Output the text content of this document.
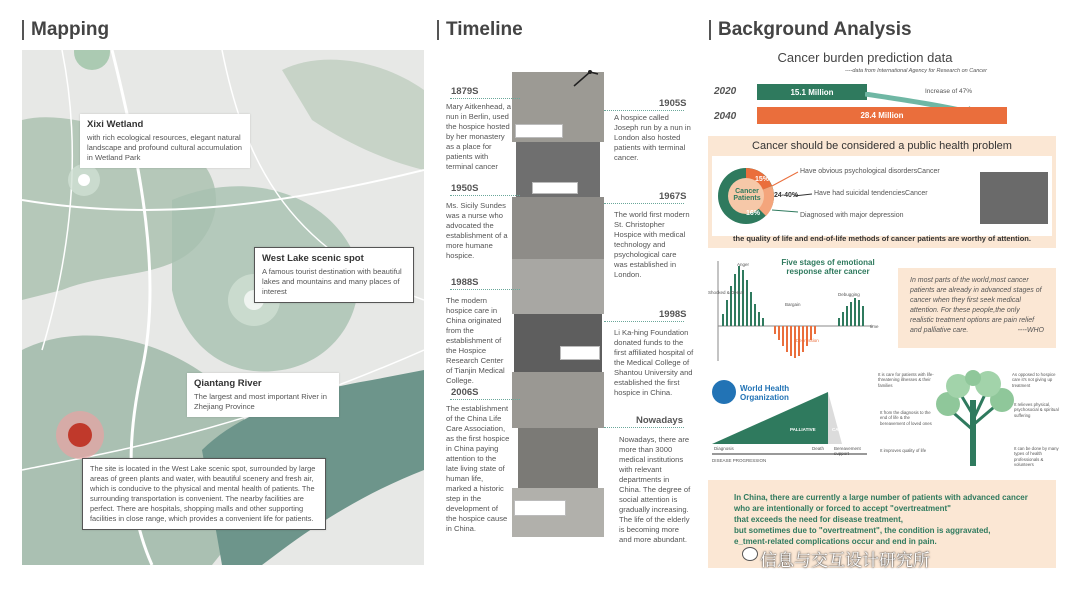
Mapping
Xixi Wetland
with rich ecological resources, elegant natural landscape and profound cultural accumulation in Wetland Park
West Lake scenic spot
A famous tourist destination with beautiful lakes and mountains and many places of interest
Qiantang River
The largest and most important River in Zhejiang Province
The site is located in the West Lake scenic spot, surrounded by large areas of green plants and water, with beautiful scenery and fresh air, which is conducive to the physical and mental health of patients. The surrounding transportation is convenient. The nearby facilities are perfect. There are hospitals, shopping malls and other supporting facilities in close range, which provides a convenient life for patients.
Timeline
1879S
Mary Aitkenhead, a nun in Berlin, used the hospice hosted by her monastery as a place for patients with terminal cancer
1905S
A hospice called Joseph run by a nun in London also hosted patients with terminal cancer.
1950S
Ms. Sicily Sundes was a nurse who advocated the establishment of a more humane hospice.
1967S
The world first modern St. Christopher Hospice with medical technology and psychological care was established in London.
1988S
The modern hospice care in China originated from the establishment of the Hospice Research Center of Tianjin Medical College.
1998S
Li Ka-hing Foundation donated funds to the first affiliated hospital of the Medical College of Shantou University and established the first hospice in China.
2006S
The establishment of the China Life Care Association, as the first hospice in China paying attention to the late living state of human life, marked a historic step in the development of the hospice cause in China.
Nowadays
Nowadays, there are more than 3000 medical institutions with relevant departments in China. The degree of social attention is gradually increasing. The life of the elderly is becoming more and more abundant.
Background Analysis
Cancer burden prediction data
----data from International Agency for Research on Cancer
2020	15.1 Million	Increase of 47%
2040	28.4 Million
Cancer should be considered a public health problem
Cancer Patients
15%
24-40%
16%
Have obvious psychological disordersCancer
Have had suicidal tendenciesCancer
Diagnosed with major depression
the quality of life and end-of-life methods of cancer patients are worthy of attention.
Five stages of emotional response after cancer
Anger
Shocked & Denial
Bargain
Debugging
Depression
time
In most parts of the world,most cancer patients are already in advanced stages of cancer when they first seek medical attention. For these people,the only realistic treatment options are pain relief and palliative care.	----WHO
World Health Organization
PALLIATIVE	CARE
Diagnosis	Death Bereavement support
DISEASE PROGRESSION
It is care for patients with life- threatening illnesses & their families
As opposed to hospice care it's not giving up treatment
It relieves physical, psychosocial & spiritual suffering
It from the diagnosis to the end of life & the bereavement of loved ones
It improves quality of life	It can be done by many types of health professionals & volunteers
In China, there are currently a large number of patients with advanced cancer
who are intentionally or forced to accept "overtreatment"
that exceeds the need for disease treatment,
but sometimes due to "overtreatment", the condition is aggravated,
e_tment-related complications occur and end in pain.
信息与交互设计研究所
